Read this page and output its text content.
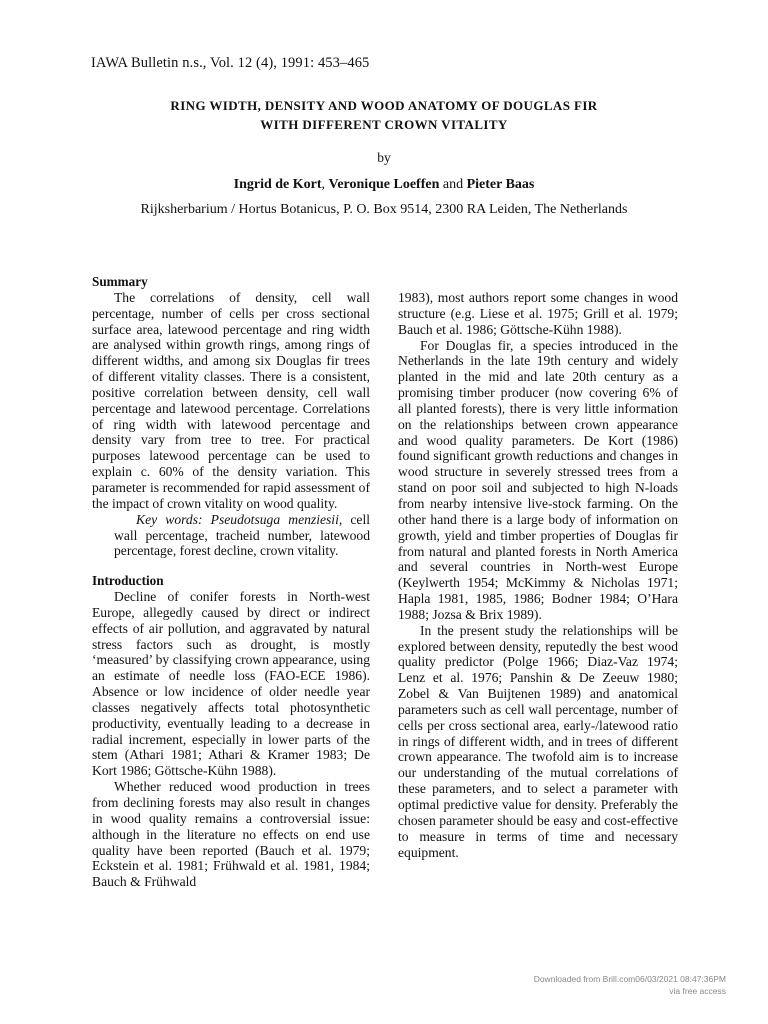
IAWA Bulletin n.s., Vol. 12 (4), 1991: 453–465
RING WIDTH, DENSITY AND WOOD ANATOMY OF DOUGLAS FIR
WITH DIFFERENT CROWN VITALITY
by
Ingrid de Kort, Veronique Loeffen and Pieter Baas
Rijksherbarium / Hortus Botanicus, P. O. Box 9514, 2300 RA Leiden, The Netherlands
Summary

The correlations of density, cell wall percentage, number of cells per cross sectional surface area, latewood percentage and ring width are analysed within growth rings, among rings of different widths, and among six Douglas fir trees of different vitality classes. There is a consistent, positive correlation between density, cell wall percentage and latewood percentage. Correlations of ring width with latewood percentage and density vary from tree to tree. For practical purposes latewood percentage can be used to explain c. 60% of the density variation. This parameter is recommended for rapid assessment of the impact of crown vitality on wood quality.

Key words: Pseudotsuga menziesii, cell wall percentage, tracheid number, latewood percentage, forest decline, crown vitality.

Introduction

Decline of conifer forests in North-west Europe, allegedly caused by direct or indirect effects of air pollution, and aggravated by natural stress factors such as drought, is mostly ‘measured’ by classifying crown appearance, using an estimate of needle loss (FAO-ECE 1986). Absence or low incidence of older needle year classes negatively affects total photosynthetic productivity, eventually leading to a decrease in radial increment, especially in lower parts of the stem (Athari 1981; Athari & Kramer 1983; De Kort 1986; Göttsche-Kühn 1988).

Whether reduced wood production in trees from declining forests may also result in changes in wood quality remains a controversial issue: although in the literature no effects on end use quality have been reported (Bauch et al. 1979; Eckstein et al. 1981; Frühwald et al. 1981, 1984; Bauch & Frühwald

1983), most authors report some changes in wood structure (e.g. Liese et al. 1975; Grill et al. 1979; Bauch et al. 1986; Göttsche-Kühn 1988).

For Douglas fir, a species introduced in the Netherlands in the late 19th century and widely planted in the mid and late 20th century as a promising timber producer (now covering 6% of all planted forests), there is very little information on the relationships between crown appearance and wood quality parameters. De Kort (1986) found significant growth reductions and changes in wood structure in severely stressed trees from a stand on poor soil and subjected to high N-loads from nearby intensive live-stock farming. On the other hand there is a large body of information on growth, yield and timber properties of Douglas fir from natural and planted forests in North America and several countries in North-west Europe (Keylwerth 1954; McKimmy & Nicholas 1971; Hapla 1981, 1985, 1986; Bodner 1984; O’Hara 1988; Jozsa & Brix 1989).

In the present study the relationships will be explored between density, reputedly the best wood quality predictor (Polge 1966; Diaz-Vaz 1974; Lenz et al. 1976; Panshin & De Zeeuw 1980; Zobel & Van Buijtenen 1989) and anatomical parameters such as cell wall percentage, number of cells per cross sectional area, early-/latewood ratio in rings of different width, and in trees of different crown appearance. The twofold aim is to increase our understanding of the mutual correlations of these parameters, and to select a parameter with optimal predictive value for density. Preferably the chosen parameter should be easy and cost-effective to measure in terms of time and necessary equipment.

Downloaded from Brill.com06/03/2021 08:47:36PM
via free access
